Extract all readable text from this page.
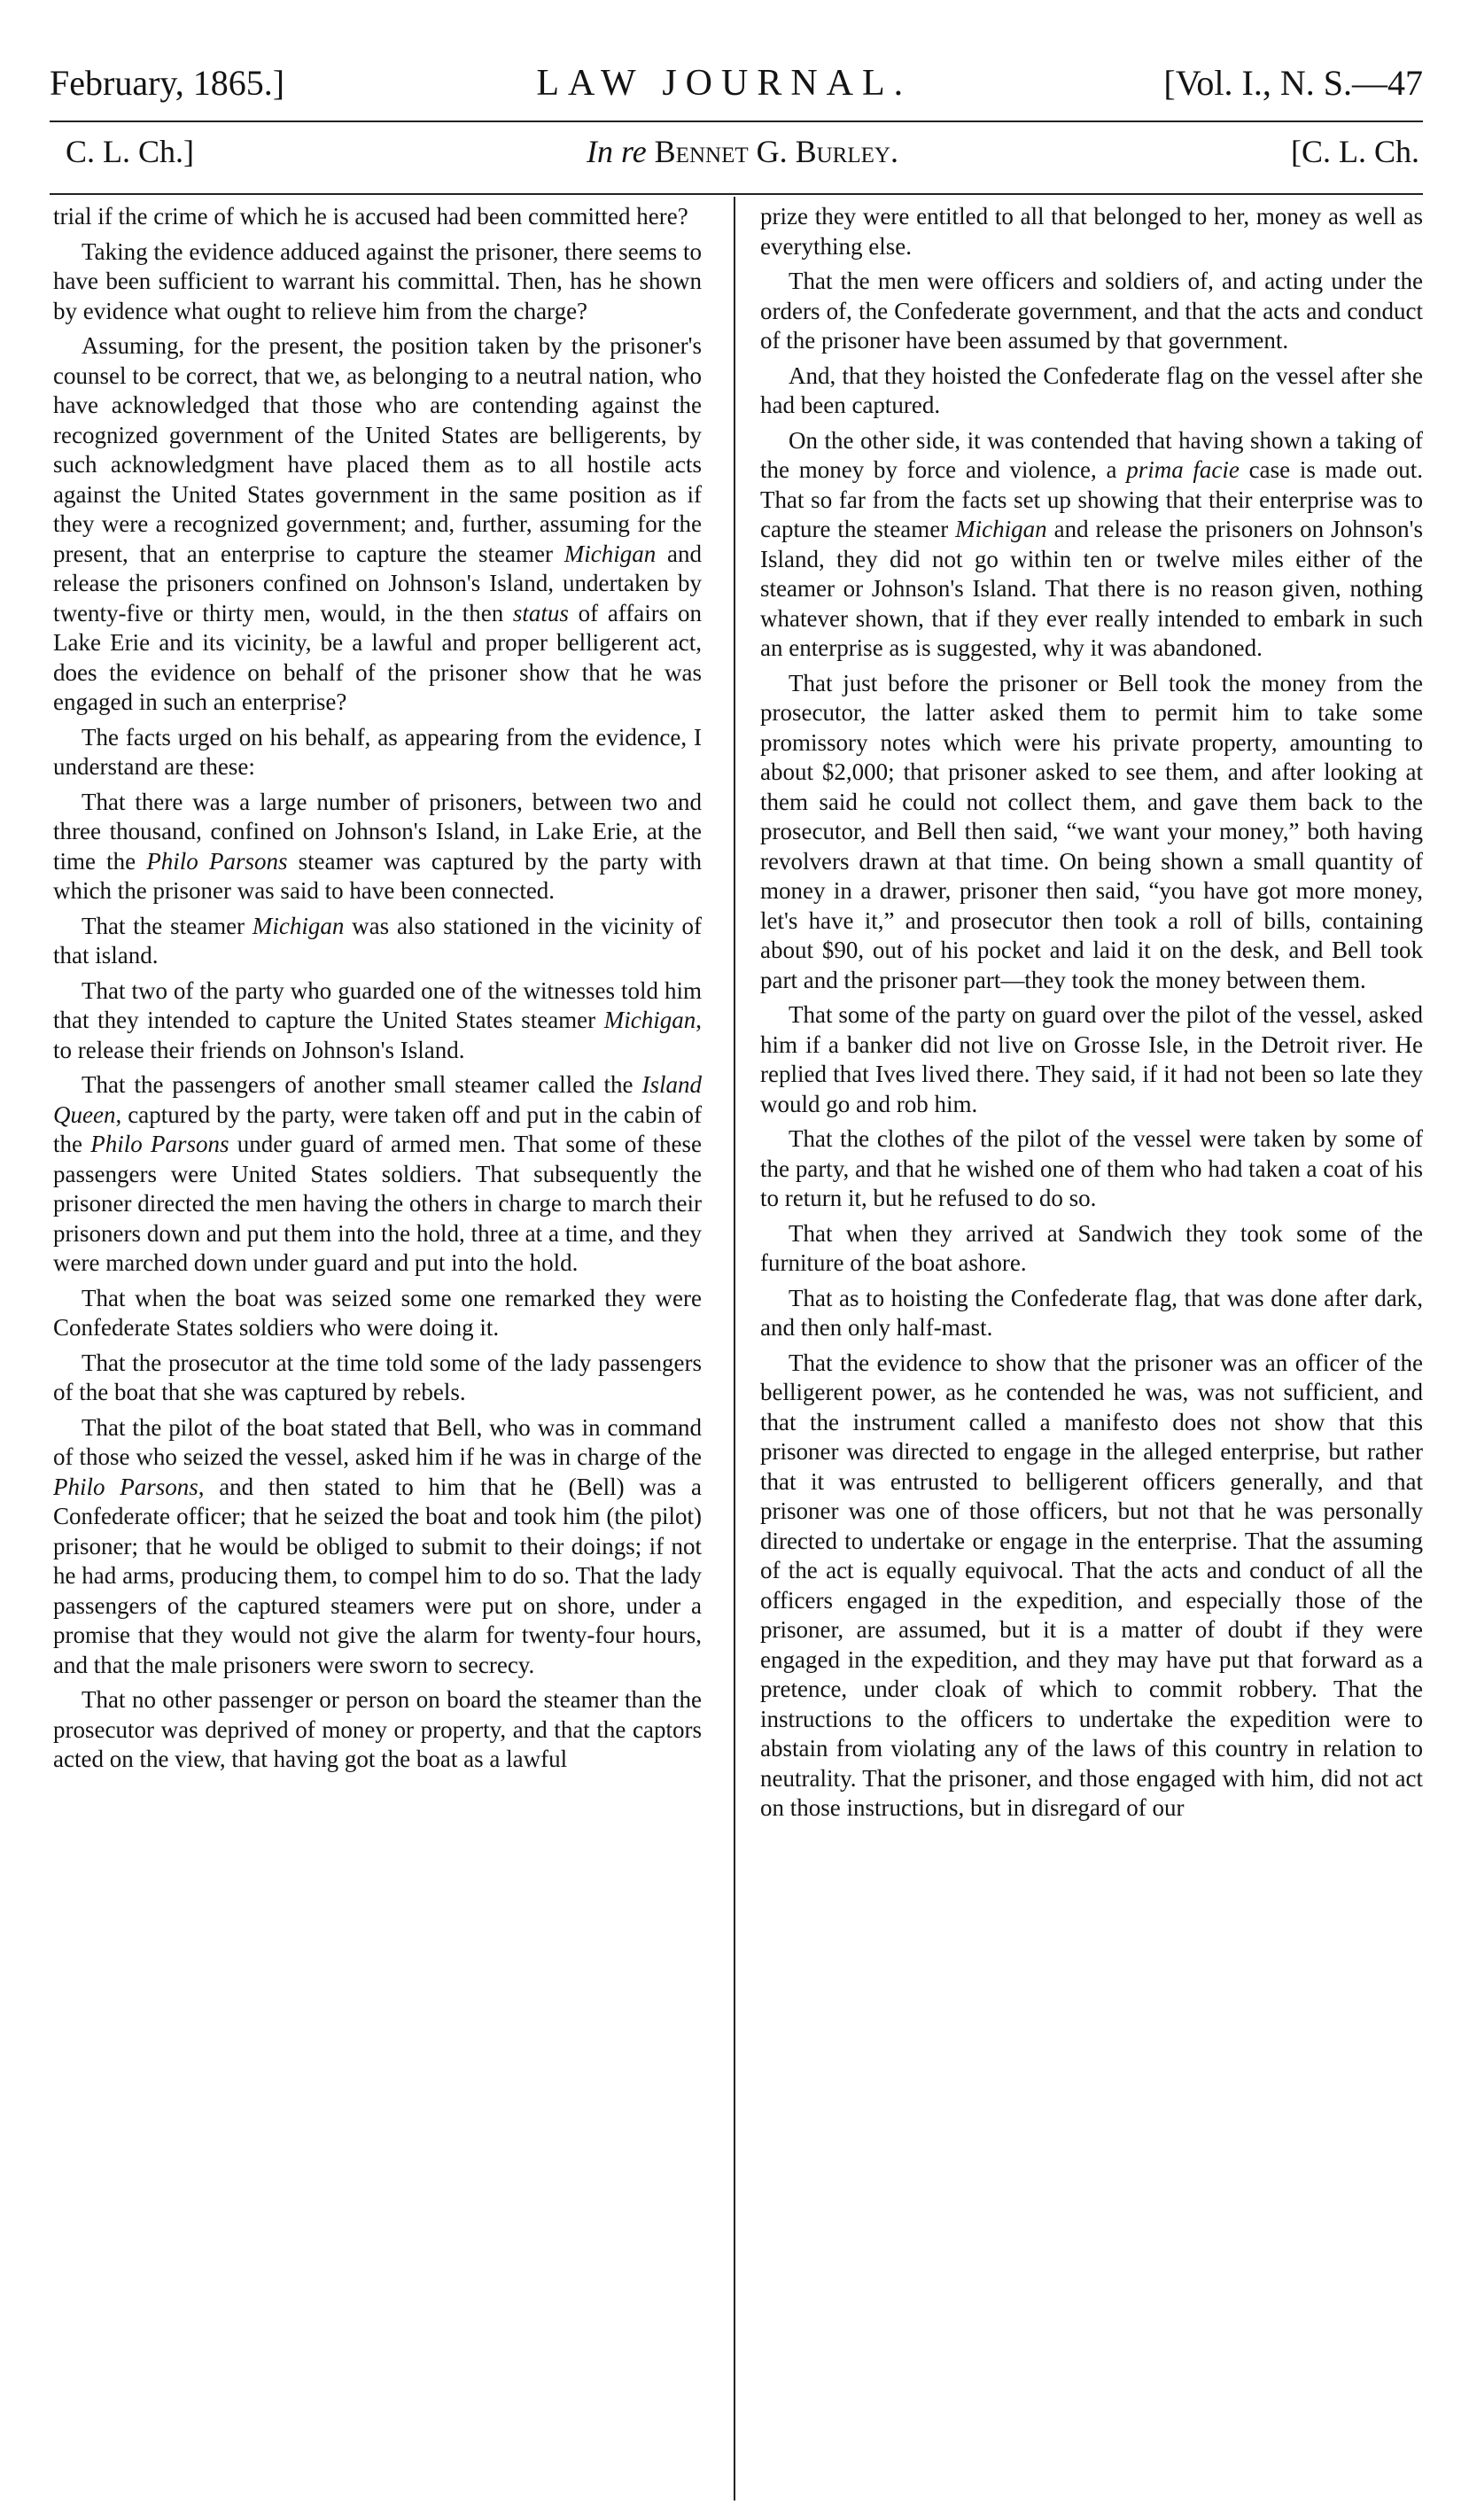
February, 1865.]	LAW JOURNAL.	[Vol. I., N. S.—47
C. L. Ch.]	In re Bennet G. Burley.	[C. L. Ch.

trial if the crime of which he is accused had been committed here?

Taking the evidence adduced against the prisoner, there seems to have been sufficient to warrant his committal. Then, has he shown by evidence what ought to relieve him from the charge?

Assuming, for the present, the position taken by the prisoner's counsel to be correct, that we, as belonging to a neutral nation, who have acknowledged that those who are contending against the recognized government of the United States are belligerents, by such acknowledgment have placed them as to all hostile acts against the United States government in the same position as if they were a recognized government; and, further, assuming for the present, that an enterprise to capture the steamer Michigan and release the prisoners confined on Johnson's Island, undertaken by twenty-five or thirty men, would, in the then status of affairs on Lake Erie and its vicinity, be a lawful and proper belligerent act, does the evidence on behalf of the prisoner show that he was engaged in such an enterprise?

The facts urged on his behalf, as appearing from the evidence, I understand are these:

That there was a large number of prisoners, between two and three thousand, confined on Johnson's Island, in Lake Erie, at the time the Philo Parsons steamer was captured by the party with which the prisoner was said to have been connected.

That the steamer Michigan was also stationed in the vicinity of that island.

That two of the party who guarded one of the witnesses told him that they intended to capture the United States steamer Michigan, to release their friends on Johnson's Island.

That the passengers of another small steamer called the Island Queen, captured by the party, were taken off and put in the cabin of the Philo Parsons under guard of armed men. That some of these passengers were United States soldiers. That subsequently the prisoner directed the men having the others in charge to march their prisoners down and put them into the hold, three at a time, and they were marched down under guard and put into the hold.

That when the boat was seized some one remarked they were Confederate States soldiers who were doing it.

That the prosecutor at the time told some of the lady passengers of the boat that she was captured by rebels.

That the pilot of the boat stated that Bell, who was in command of those who seized the vessel, asked him if he was in charge of the Philo Parsons, and then stated to him that he (Bell) was a Confederate officer; that he seized the boat and took him (the pilot) prisoner; that he would be obliged to submit to their doings; if not he had arms, producing them, to compel him to do so. That the lady passengers of the captured steamers were put on shore, under a promise that they would not give the alarm for twenty-four hours, and that the male prisoners were sworn to secrecy.

That no other passenger or person on board the steamer than the prosecutor was deprived of money or property, and that the captors acted on the view, that having got the boat as a lawful

prize they were entitled to all that belonged to her, money as well as everything else.

That the men were officers and soldiers of, and acting under the orders of, the Confederate government, and that the acts and conduct of the prisoner have been assumed by that government.

And, that they hoisted the Confederate flag on the vessel after she had been captured.

On the other side, it was contended that having shown a taking of the money by force and violence, a prima facie case is made out. That so far from the facts set up showing that their enterprise was to capture the steamer Michigan and release the prisoners on Johnson's Island, they did not go within ten or twelve miles either of the steamer or Johnson's Island. That there is no reason given, nothing whatever shown, that if they ever really intended to embark in such an enterprise as is suggested, why it was abandoned.

That just before the prisoner or Bell took the money from the prosecutor, the latter asked them to permit him to take some promissory notes which were his private property, amounting to about $2,000; that prisoner asked to see them, and after looking at them said he could not collect them, and gave them back to the prosecutor, and Bell then said, “we want your money,” both having revolvers drawn at that time. On being shown a small quantity of money in a drawer, prisoner then said, “you have got more money, let's have it,” and prosecutor then took a roll of bills, containing about $90, out of his pocket and laid it on the desk, and Bell took part and the prisoner part—they took the money between them.

That some of the party on guard over the pilot of the vessel, asked him if a banker did not live on Grosse Isle, in the Detroit river. He replied that Ives lived there. They said, if it had not been so late they would go and rob him.

That the clothes of the pilot of the vessel were taken by some of the party, and that he wished one of them who had taken a coat of his to return it, but he refused to do so.

That when they arrived at Sandwich they took some of the furniture of the boat ashore.

That as to hoisting the Confederate flag, that was done after dark, and then only half-mast.

That the evidence to show that the prisoner was an officer of the belligerent power, as he contended he was, was not sufficient, and that the instrument called a manifesto does not show that this prisoner was directed to engage in the alleged enterprise, but rather that it was entrusted to belligerent officers generally, and that prisoner was one of those officers, but not that he was personally directed to undertake or engage in the enterprise. That the assuming of the act is equally equivocal. That the acts and conduct of all the officers engaged in the expedition, and especially those of the prisoner, are assumed, but it is a matter of doubt if they were engaged in the expedition, and they may have put that forward as a pretence, under cloak of which to commit robbery. That the instructions to the officers to undertake the expedition were to abstain from violating any of the laws of this country in relation to neutrality. That the prisoner, and those engaged with him, did not act on those instructions, but in disregard of our
